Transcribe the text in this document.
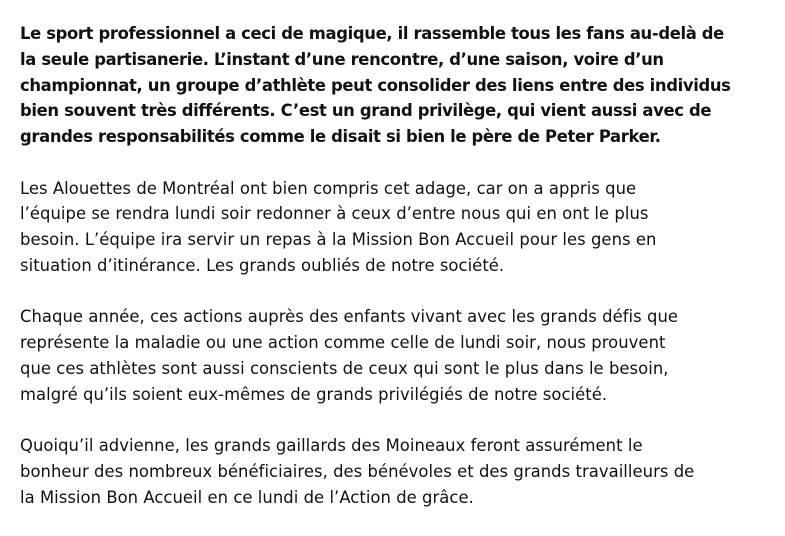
Le sport professionnel a ceci de magique, il rassemble tous les fans au-delà de
la seule partisanerie. L’instant d’une rencontre, d’une saison, voire d’un
championnat, un groupe d’athlète peut consolider des liens entre des individus
bien souvent très différents. C’est un grand privilège, qui vient aussi avec de
grandes responsabilités comme le disait si bien le père de Peter Parker.

Les Alouettes de Montréal ont bien compris cet adage, car on a appris que
l’équipe se rendra lundi soir redonner à ceux d’entre nous qui en ont le plus
besoin. L’équipe ira servir un repas à la Mission Bon Accueil pour les gens en
situation d’itinérance. Les grands oubliés de notre société.

Chaque année, ces actions auprès des enfants vivant avec les grands défis que
représente la maladie ou une action comme celle de lundi soir, nous prouvent
que ces athlètes sont aussi conscients de ceux qui sont le plus dans le besoin,
malgré qu’ils soient eux-mêmes de grands privilégiés de notre société.

Quoiqu’il advienne, les grands gaillards des Moineaux feront assurément le
bonheur des nombreux bénéficiaires, des bénévoles et des grands travailleurs de
la Mission Bon Accueil en ce lundi de l’Action de grâce.
